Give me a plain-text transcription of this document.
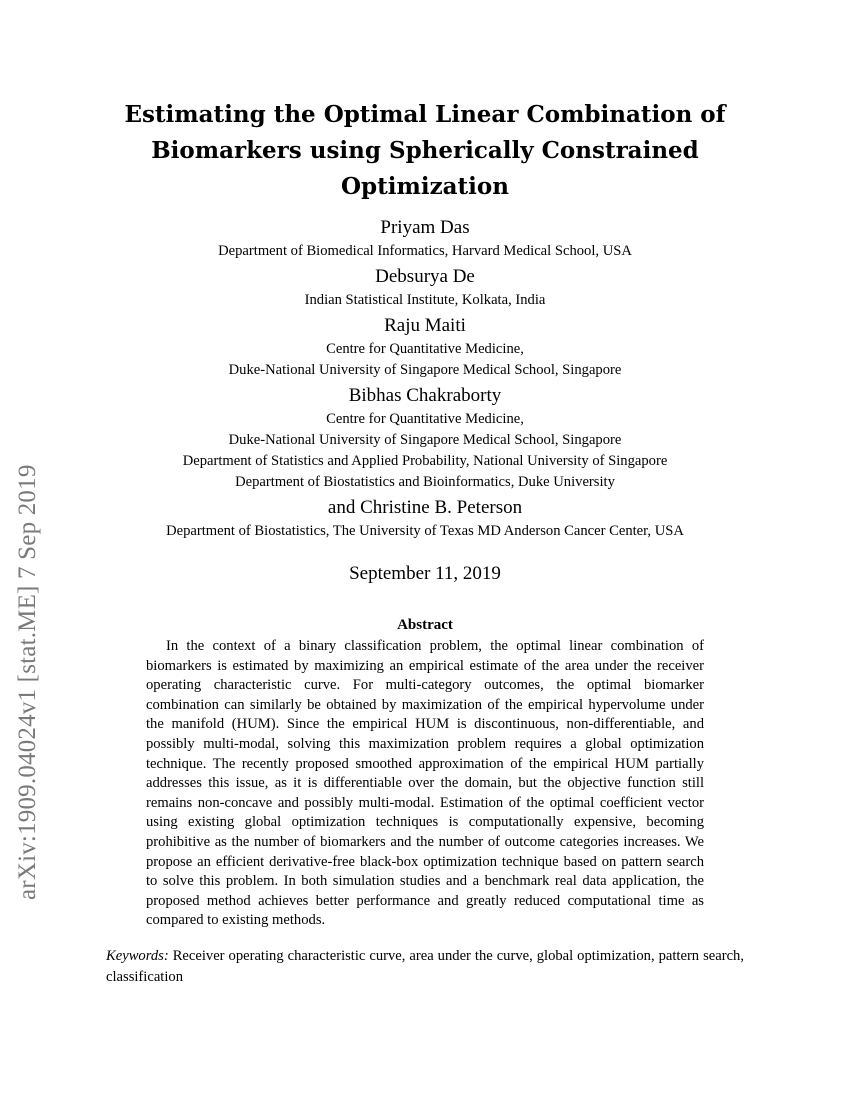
arXiv:1909.04024v1 [stat.ME] 7 Sep 2019
Estimating the Optimal Linear Combination of
Biomarkers using Spherically Constrained
Optimization
Priyam Das
Department of Biomedical Informatics, Harvard Medical School, USA
Debsurya De
Indian Statistical Institute, Kolkata, India
Raju Maiti
Centre for Quantitative Medicine,
Duke-National University of Singapore Medical School, Singapore
Bibhas Chakraborty
Centre for Quantitative Medicine,
Duke-National University of Singapore Medical School, Singapore
Department of Statistics and Applied Probability, National University of Singapore
Department of Biostatistics and Bioinformatics, Duke University
and Christine B. Peterson
Department of Biostatistics, The University of Texas MD Anderson Cancer Center, USA
September 11, 2019
Abstract
In the context of a binary classification problem, the optimal linear combination of biomarkers is estimated by maximizing an empirical estimate of the area under the receiver operating characteristic curve. For multi-category outcomes, the optimal biomarker combination can similarly be obtained by maximization of the empirical hypervolume under the manifold (HUM). Since the empirical HUM is discontinuous, non-differentiable, and possibly multi-modal, solving this maximization problem requires a global optimization technique. The recently proposed smoothed approximation of the empirical HUM partially addresses this issue, as it is differentiable over the domain, but the objective function still remains non-concave and possibly multi-modal. Estimation of the optimal coefficient vector using existing global optimization techniques is computationally expensive, becoming prohibitive as the number of biomarkers and the number of outcome categories increases. We propose an efficient derivative-free black-box optimization technique based on pattern search to solve this problem. In both simulation studies and a benchmark real data application, the proposed method achieves better performance and greatly reduced computational time as compared to existing methods.
Keywords: Receiver operating characteristic curve, area under the curve, global optimization, pattern search, classification
